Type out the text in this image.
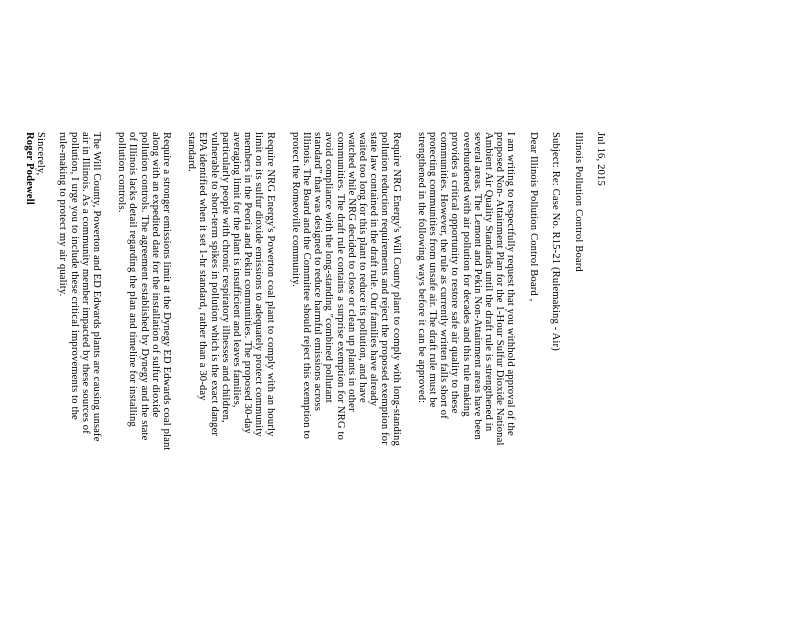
Jul 16, 2015
Illinois Pollution Control Board
Subject: Re: Case No. R15-21 (Rulemaking - Air)
Dear Illinois Pollution Control Board ,

I am writing to respectfully request that you withhold approval of the
proposed Non- Attainment Plan for the 1-Hour Sulfur Dioxide National
Ambient Air Quality Standards until the draft rule is strengthened in
several areas. The Lemont and Pekin Non-Attainment areas have been
overburdened with air pollution for decades and this rule making
provides a critical opportunity to restore safe air quality to these
communities. However, the rule as currently written falls short of
protecting communities from unsafe air. The draft rule must be
strengthened in the following ways before it can be approved:

Require NRG Energy's Will County plant to comply with long-standing
pollution reduction requirements and reject the proposed exemption for
state law contained in the draft rule. Our families have already
waited too long for this plant to reduce its pollution, and have
watched while NRG decided to close or clean up plants in other
communities. The draft rule contains a surprise exemption for NRG to
avoid compliance with the long-standing "combined pollutant
standard" that was designed to reduce harmful emissions across
Illinois. The Board and the Committee should reject this exemption to
protect the Romeoville community.

Require NRG Energy's Powerton coal plant to comply with an hourly
limit on its sulfur dioxide emissions to adequately protect community
members in the Peoria and Pekin communities. The proposed 30-day
averaging limit for the plant is insufficient and leaves families,
particularly people with chronic respiratory illnesses and children,
vulnerable to short-term spikes in pollution which is the exact danger
EPA identified when it set 1-hr standard, rather than a 30-day
standard.

Require a stronger emissions limit at the Dynegy ED Edwards coal plant
along with an expedited date for the installation of sulfur dioxide
pollution controls. The agreement established by Dynegy and the state
of Illinois lacks detail regarding the plan and timeline for installing
pollution controls.

The Will County, Powerton and ED Edwards plants are causing unsafe
air in Illinois. As a community member impacted by these sources of
pollution, I urge you to include these critical improvements to the
rule-making to protect my air quality.

Sincerely,
Roger Podewell
